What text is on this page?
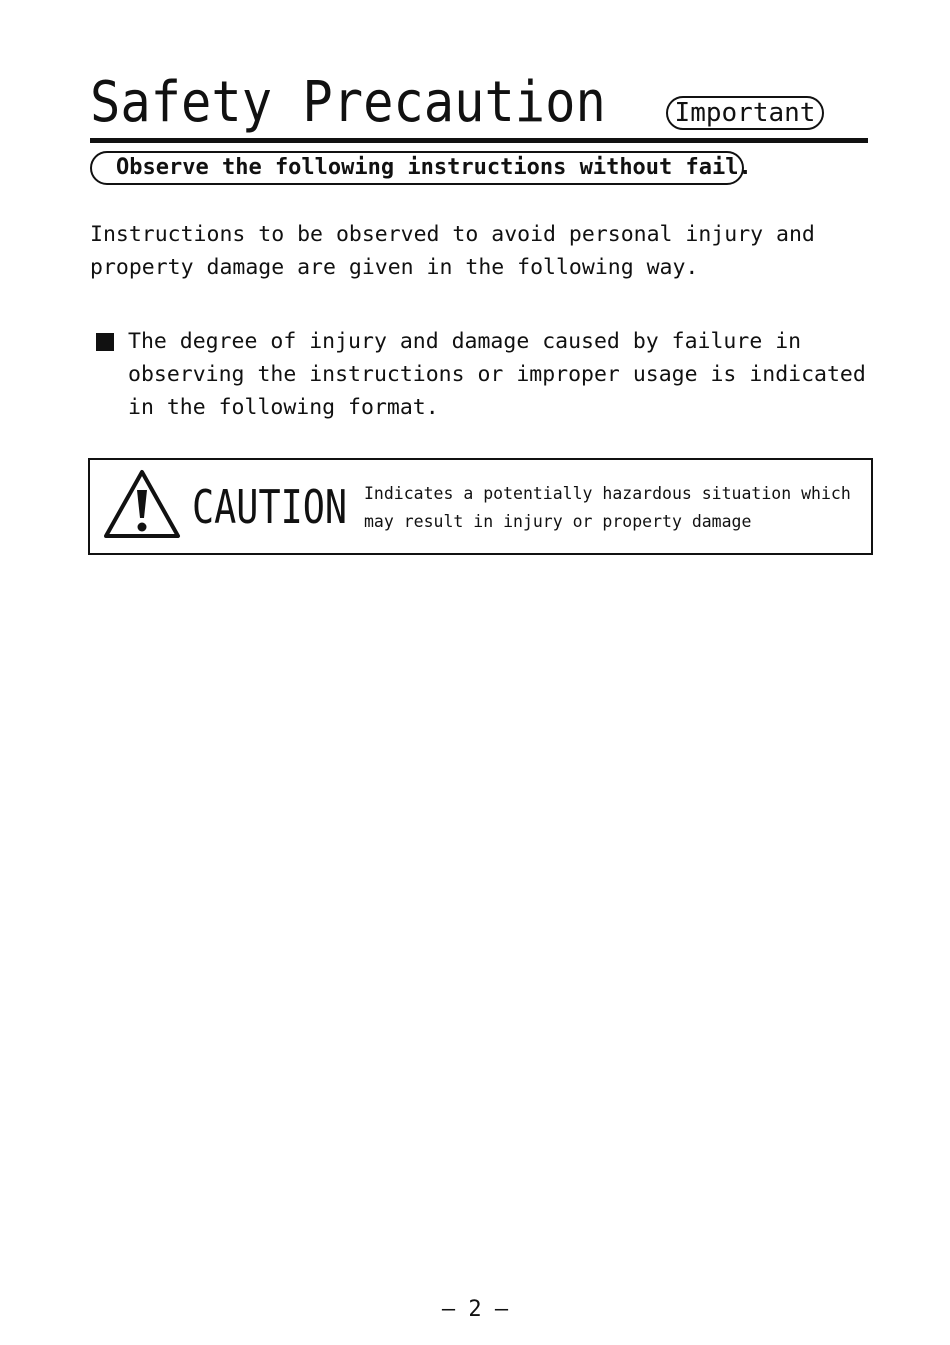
Safety Precaution	Important
Observe the following instructions without fail.
Instructions to be observed to avoid personal injury and
property damage are given in the following way.
The degree of injury and damage caused by failure in
observing the instructions or improper usage is indicated
in the following format.
CAUTION Indicates a potentially hazardous situation which
may result in injury or property damage
— 2 —
